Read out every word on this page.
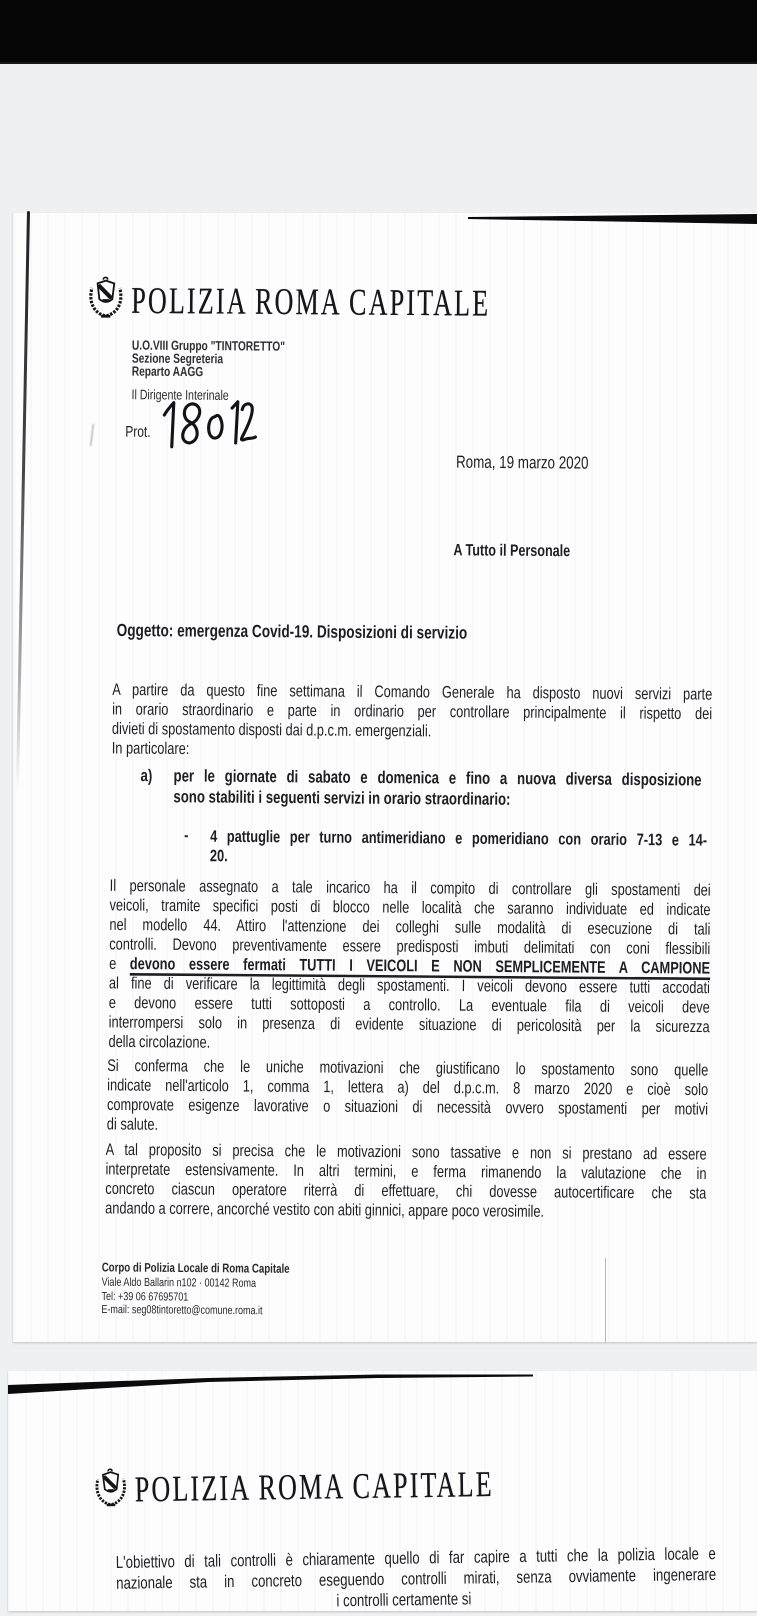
POLIZIA ROMA CAPITALE
U.O.VIII Gruppo "TINTORETTO"
Sezione Segreteria
Reparto AAGG
Il Dirigente Interinale
Prot.
Roma, 19 marzo 2020
A Tutto il Personale
Oggetto: emergenza Covid-19. Disposizioni di servizio
A partire da questo fine settimana il Comando Generale ha disposto nuovi servizi parte
in orario straordinario e parte in ordinario per controllare principalmente il rispetto dei
divieti di spostamento disposti dai d.p.c.m. emergenziali.
In particolare:
a) per le giornate di sabato e domenica e fino a nuova diversa disposizione
sono stabiliti i seguenti servizi in orario straordinario:
- 4 pattuglie per turno antimeridiano e pomeridiano con orario 7-13 e 14-
20.
Il personale assegnato a tale incarico ha il compito di controllare gli spostamenti dei
veicoli, tramite specifici posti di blocco nelle località che saranno individuate ed indicate
nel modello 44. Attiro l'attenzione dei colleghi sulle modalità di esecuzione di tali
controlli. Devono preventivamente essere predisposti imbuti delimitati con coni flessibili
e devono essere fermati TUTTI I VEICOLI E NON SEMPLICEMENTE A CAMPIONE
al fine di verificare la legittimità degli spostamenti. I veicoli devono essere tutti accodati
e devono essere tutti sottoposti a controllo. La eventuale fila di veicoli deve
interrompersi solo in presenza di evidente situazione di pericolosità per la sicurezza
della circolazione.
Si conferma che le uniche motivazioni che giustificano lo spostamento sono quelle
indicate nell'articolo 1, comma 1, lettera a) del d.p.c.m. 8 marzo 2020 e cioè solo
comprovate esigenze lavorative o situazioni di necessità ovvero spostamenti per motivi
di salute.
A tal proposito si precisa che le motivazioni sono tassative e non si prestano ad essere
interpretate estensivamente. In altri termini, e ferma rimanendo la valutazione che in
concreto ciascun operatore riterrà di effettuare, chi dovesse autocertificare che sta
andando a correre, ancorché vestito con abiti ginnici, appare poco verosimile.
Corpo di Polizia Locale di Roma Capitale
Viale Aldo Ballarin n102 · 00142 Roma
Tel: +39 06 67695701
E-mail: seg08tintoretto@comune.roma.it
POLIZIA ROMA CAPITALE
L'obiettivo di tali controlli è chiaramente quello di far capire a tutti che la polizia locale e
nazionale sta in concreto eseguendo controlli mirati, senza ovviamente ingenerare
i controlli certamente si
